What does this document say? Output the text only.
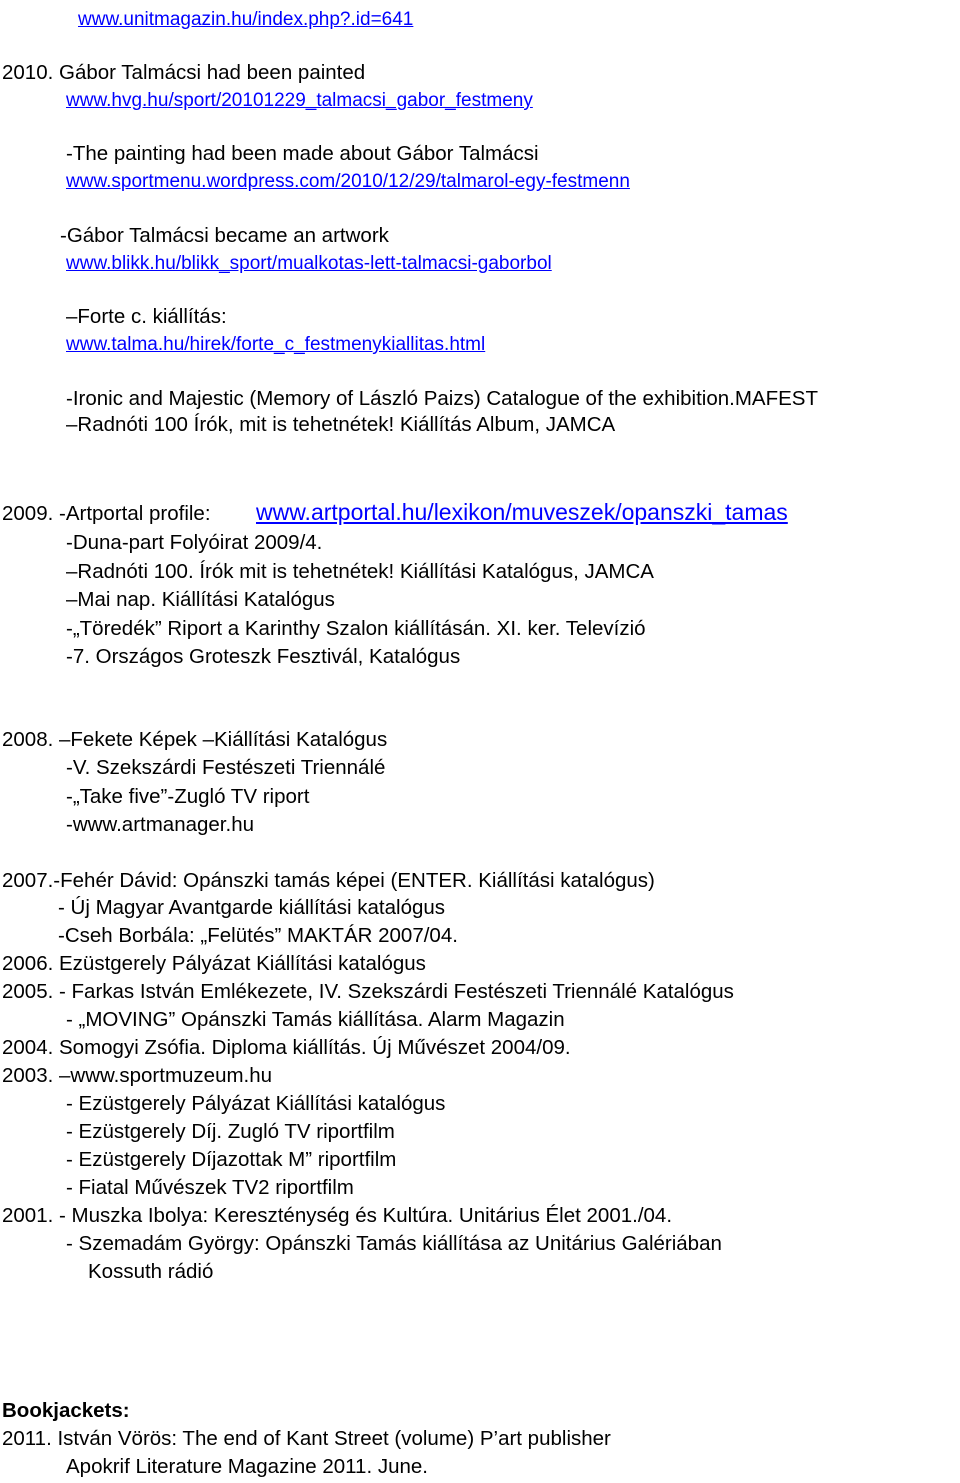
www.unitmagazin.hu/index.php?.id=641

2010. Gábor Talmácsi had been painted

www.hvg.hu/sport/20101229_talmacsi_gabor_festmeny

-The painting had been made about Gábor Talmácsi

www.sportmenu.wordpress.com/2010/12/29/talmarol-egy-festmenn

-Gábor Talmácsi became an artwork

www.blikk.hu/blikk_sport/mualkotas-lett-talmacsi-gaborbol

–Forte c. kiállítás:

www.talma.hu/hirek/forte_c_festmenykiallitas.html

-Ironic and Majestic (Memory of László Paizs) Catalogue of the exhibition.MAFEST

–Radnóti 100 Írók, mit is tehetnétek! Kiállítás Album, JAMCA

2009. -Artportal profile: www.artportal.hu/lexikon/muveszek/opanszki_tamas

-Duna-part Folyóirat 2009/4.

–Radnóti 100. Írók mit is tehetnétek! Kiállítási Katalógus, JAMCA

–Mai nap. Kiállítási Katalógus

-„Töredék” Riport a Karinthy Szalon kiállításán. XI. ker. Televízió

-7. Országos Groteszk Fesztivál, Katalógus

2008. –Fekete Képek –Kiállítási Katalógus

-V. Szekszárdi Festészeti Triennálé

-„Take five”-Zugló TV riport

-www.artmanager.hu

2007.-Fehér Dávid: Opánszki tamás képei (ENTER. Kiállítási katalógus)

- Új Magyar Avantgarde kiállítási katalógus

-Cseh Borbála: „Felütés” MAKTÁR 2007/04.

2006. Ezüstgerely Pályázat Kiállítási katalógus

2005. - Farkas István Emlékezete, IV. Szekszárdi Festészeti Triennálé Katalógus

- „MOVING” Opánszki Tamás kiállítása. Alarm Magazin

2004. Somogyi Zsófia. Diploma kiállítás. Új Művészet 2004/09.

2003. –www.sportmuzeum.hu

- Ezüstgerely Pályázat Kiállítási katalógus

- Ezüstgerely Díj. Zugló TV riportfilm

- Ezüstgerely Díjazottak M” riportfilm

- Fiatal Művészek TV2 riportfilm

2001. - Muszka Ibolya: Kereszténység és Kultúra. Unitárius Élet 2001./04.

- Szemadám György: Opánszki Tamás kiállítása az Unitárius Galériában

Kossuth rádió

Bookjackets:

2011. István Vörös: The end of Kant Street (volume) P’art publisher

Apokrif Literature Magazine 2011. June.
